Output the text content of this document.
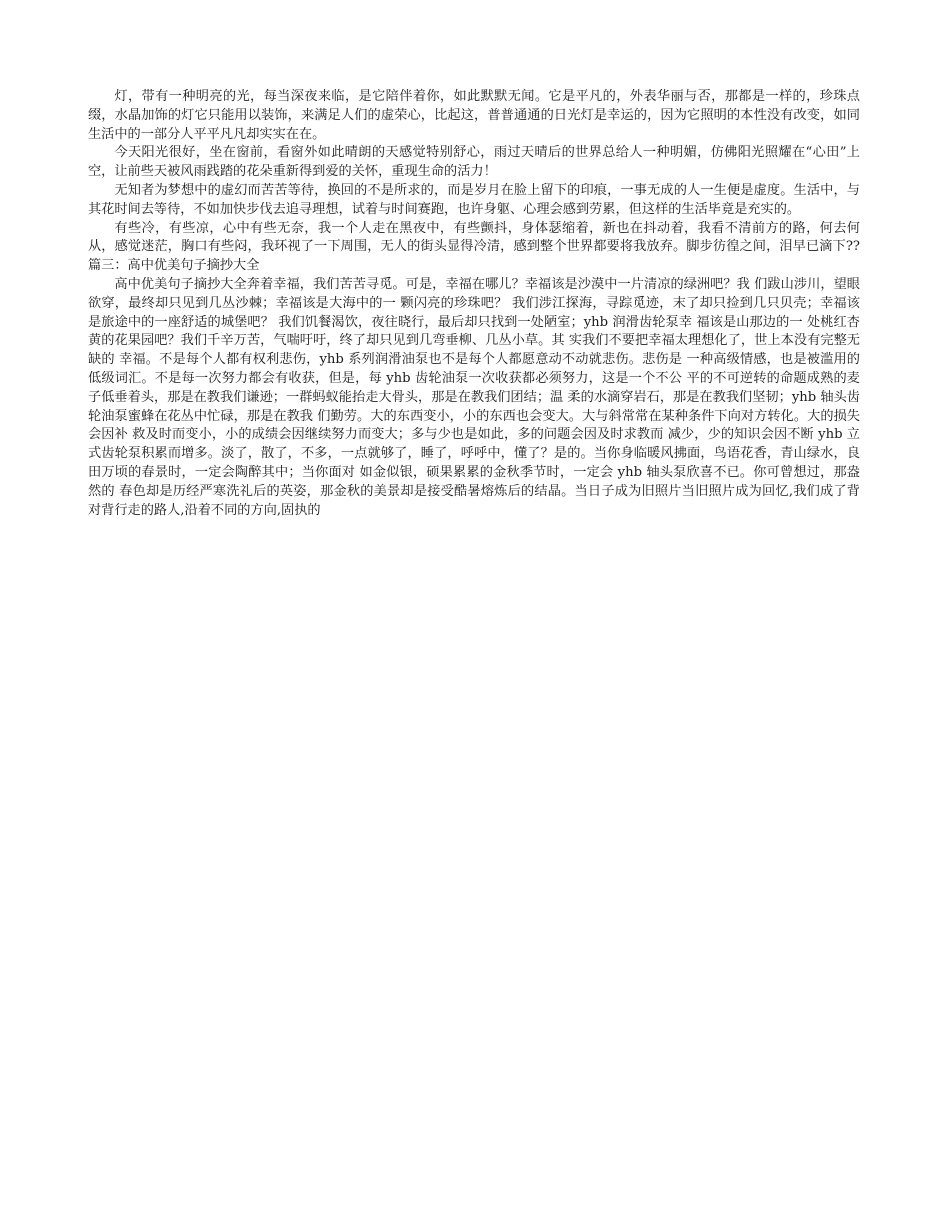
灯，带有一种明亮的光，每当深夜来临，是它陪伴着你，如此默默无闻。它是平凡的，外表华丽与否，那都是一样的，珍珠点缀，水晶加饰的灯它只能用以装饰，来满足人们的虚荣心，比起这，普普通通的日光灯是幸运的，因为它照明的本性没有改变，如同生活中的一部分人平平凡凡却实实在在。

今天阳光很好，坐在窗前，看窗外如此晴朗的天感觉特别舒心，雨过天晴后的世界总给人一种明媚，仿佛阳光照耀在“心田”上空，让前些天被风雨践踏的花朵重新得到爱的关怀，重现生命的活力！

无知者为梦想中的虚幻而苦苦等待，换回的不是所求的，而是岁月在脸上留下的印痕，一事无成的人一生便是虚度。生活中，与其花时间去等待，不如加快步伐去追寻理想，试着与时间赛跑，也许身躯、心理会感到劳累，但这样的生活毕竟是充实的。

有些冷，有些凉，心中有些无奈，我一个人走在黑夜中，有些颤抖，身体瑟缩着，新也在抖动着，我看不清前方的路，何去何从，感觉迷茫，胸口有些闷，我环视了一下周围，无人的街头显得冷清，感到整个世界都要将我放弃。脚步彷徨之间，泪早已滴下??篇三：高中优美句子摘抄大全

高中优美句子摘抄大全奔着幸福，我们苦苦寻觅。可是，幸福在哪儿？幸福该是沙漠中一片清凉的绿洲吧？我 们跋山涉川，望眼欲穿，最终却只见到几丛沙棘；幸福该是大海中的一 颗闪亮的珍珠吧？ 我们涉江探海，寻踪觅迹，末了却只捡到几只贝壳；幸福该是旅途中的一座舒适的城堡吧？ 我们饥餐渴饮，夜往晓行，最后却只找到一处陋室；yhb 润滑齿轮泵幸 福该是山那边的一 处桃红杏黄的花果园吧？我们千辛万苦，气喘吁吁，终了却只见到几弯垂柳、几丛小草。其 实我们不要把幸福太理想化了，世上本没有完整无缺的 幸福。不是每个人都有权利悲伤，yhb 系列润滑油泵也不是每个人都愿意动不动就悲伤。悲伤是 一种高级情感，也是被滥用的低级词汇。不是每一次努力都会有收获，但是，每 yhb 齿轮油泵一次收获都必须努力，这是一个不公 平的不可逆转的命题成熟的麦子低垂着头，那是在教我们谦逊；一群蚂蚁能抬走大骨头，那是在教我们团结；温 柔的水滴穿岩石，那是在教我们坚韧；yhb 轴头齿轮油泵蜜蜂在花丛中忙碌，那是在教我 们勤劳。大的东西变小，小的东西也会变大。大与斜常常在某种条件下向对方转化。大的损失会因补 救及时而变小，小的成绩会因继续努力而变大；多与少也是如此，多的问题会因及时求教而 减少，少的知识会因不断 yhb 立式齿轮泵积累而增多。淡了，散了，不多，一点就够了，睡了，呼呼中，懂了？是的。当你身临暖风拂面，鸟语花香，青山绿水，良田万顷的春景时，一定会陶醉其中；当你面对 如金似银，硕果累累的金秋季节时，一定会 yhb 轴头泵欣喜不已。你可曾想过，那盎然的 春色却是历经严寒洗礼后的英姿，那金秋的美景却是接受酷暑熔炼后的结晶。当日子成为旧照片当旧照片成为回忆,我们成了背对背行走的路人,沿着不同的方向,固执的
